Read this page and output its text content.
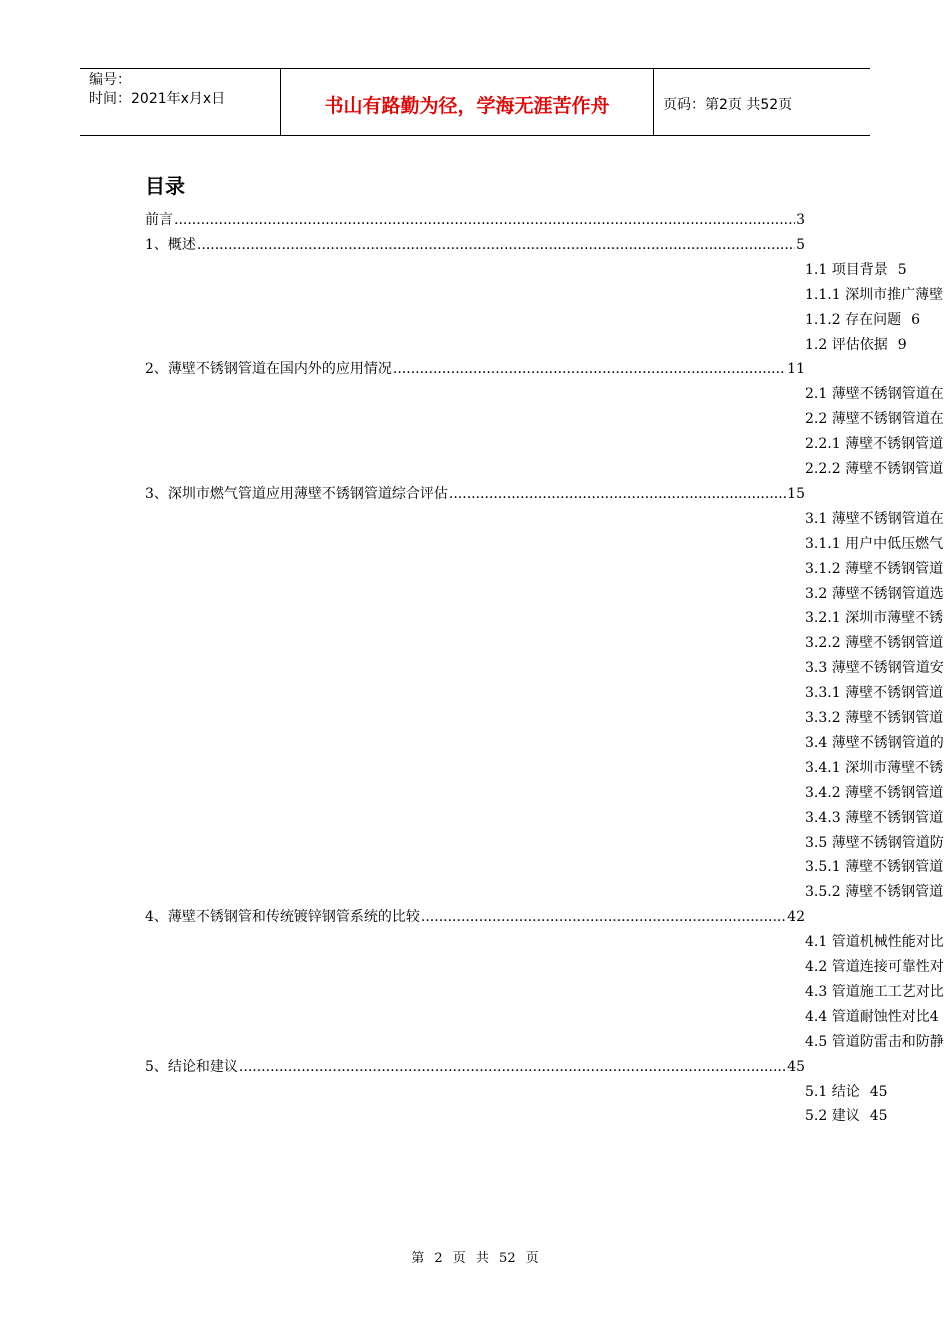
编号：
时间：2021年x月x日	书山有路勤为径，学海无涯苦作舟	页码：第2页 共52页
目录
前言 .....	3
1、概述 .....	5
1.1 项目背景 5
1.1.1 深圳市推广薄壁
1.1.2 存在问题 6
1.2 评估依据 9
2、薄壁不锈钢管道在国内外的应用情况 .....	11
2.1 薄壁不锈钢管道在
2.2 薄壁不锈钢管道在
2.2.1 薄壁不锈钢管道
2.2.2 薄壁不锈钢管道
3、深圳市燃气管道应用薄壁不锈钢管道综合评估 .....	15
3.1 薄壁不锈钢管道在
3.1.1 用户中低压燃气
3.1.2 薄壁不锈钢管道
3.2 薄壁不锈钢管道选
3.2.1 深圳市薄壁不锈
3.2.2 薄壁不锈钢管道
3.3 薄壁不锈钢管道安
3.3.1 薄壁不锈钢管道
3.3.2 薄壁不锈钢管道
3.4 薄壁不锈钢管道的
3.4.1 深圳市薄壁不锈
3.4.2 薄壁不锈钢管道
3.4.3 薄壁不锈钢管道
3.5 薄壁不锈钢管道防
3.5.1 薄壁不锈钢管道
3.5.2 薄壁不锈钢管道
4、薄壁不锈钢管和传统镀锌钢管系统的比较 .....	42
4.1 管道机械性能对比
4.2 管道连接可靠性对
4.3 管道施工工艺对比
4.4 管道耐蚀性对比4
4.5 管道防雷击和防静
5、结论和建议 .....	45
5.1 结论 45
5.2 建议 45
第 2 页 共 52 页
